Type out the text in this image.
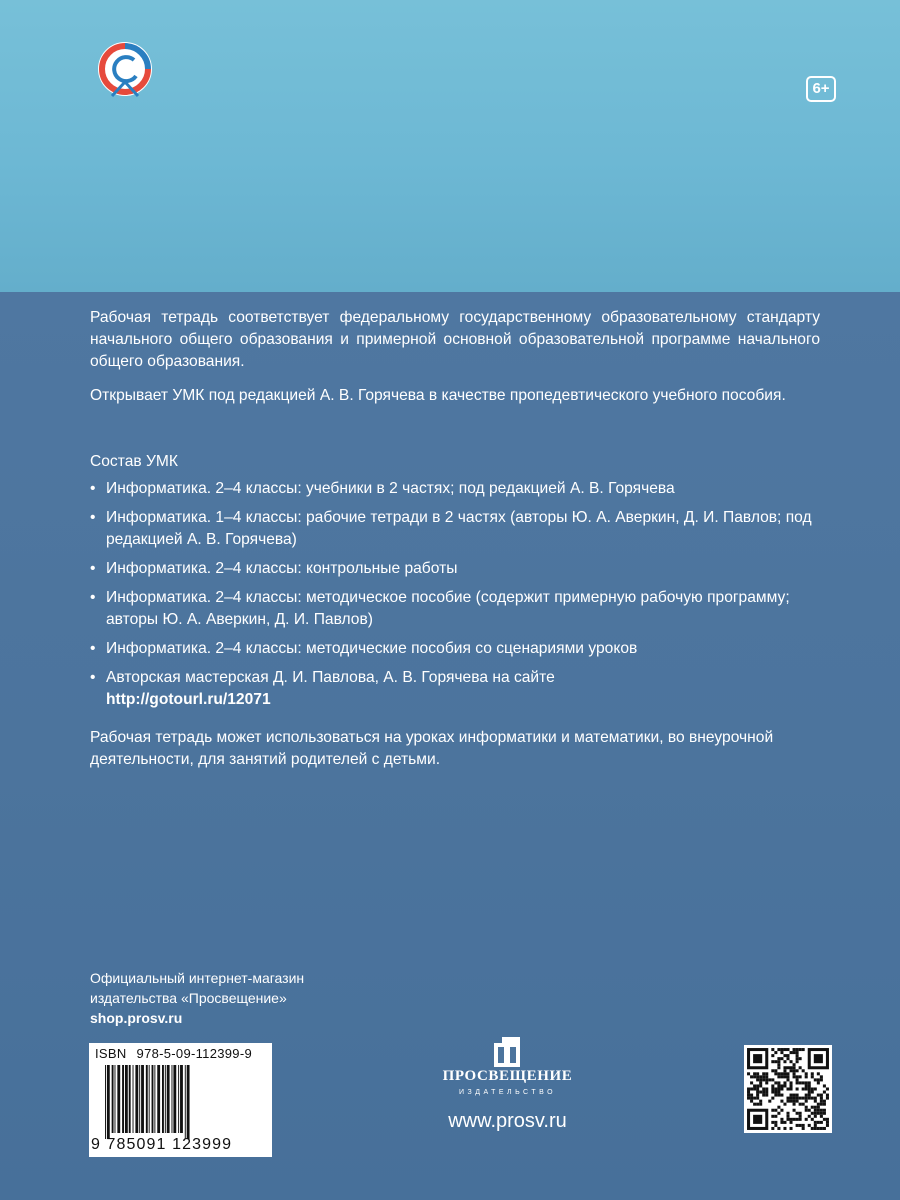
6+
Рабочая тетрадь соответствует федеральному государственному образовательному стандарту начального общего образования и примерной основной образовательной программе начального общего образования.
Открывает УМК под редакцией А. В. Горячева в качестве пропедевтического учебного пособия.
Состав УМК
• Информатика. 2–4 классы: учебники в 2 частях; под редакцией А. В. Горячева
• Информатика. 1–4 классы: рабочие тетради в 2 частях (авторы Ю. А. Аверкин, Д. И. Павлов; под редакцией А. В. Горячева)
• Информатика. 2–4 классы: контрольные работы
• Информатика. 2–4 классы: методическое пособие (содержит примерную рабочую программу; авторы Ю. А. Аверкин, Д. И. Павлов)
• Информатика. 2–4 классы: методические пособия со сценариями уроков
• Авторская мастерская Д. И. Павлова, А. В. Горячева на сайте
http://gotourl.ru/12071
Рабочая тетрадь может использоваться на уроках информатики и математики, во внеурочной деятельности, для занятий родителей с детьми.
Официальный интернет-магазин
издательства «Просвещение»
shop.prosv.ru
ISBN 978-5-09-112399-9
9 785091 123999
ПРОСВЕЩЕНИЕ
ИЗДАТЕЛЬСТВО
www.prosv.ru
